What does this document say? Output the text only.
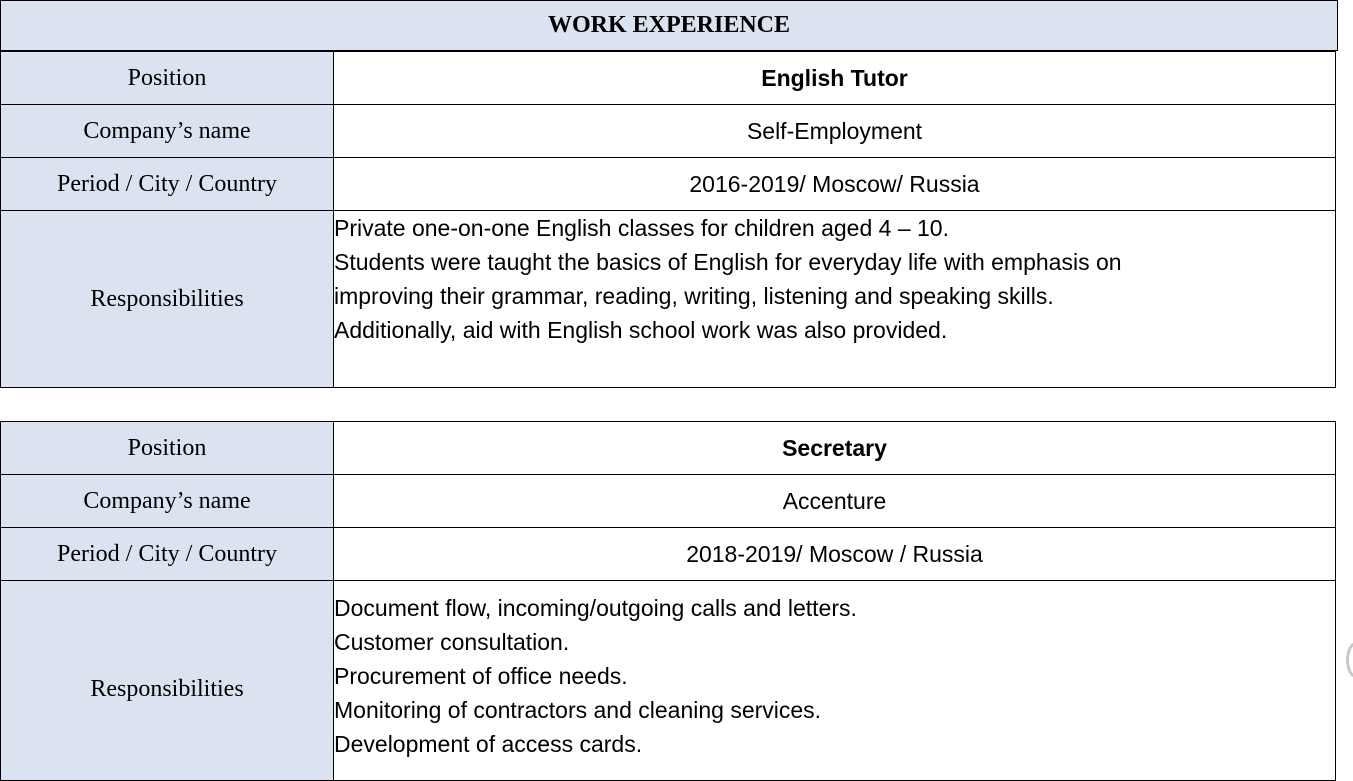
WORK EXPERIENCE
Position	English Tutor
Company’s name	Self-Employment
Period / City / Country	2016-2019/ Moscow/ Russia
Responsibilities	Private one-on-one English classes for children aged 4 – 10.
Students were taught the basics of English for everyday life with emphasis on
improving their grammar, reading, writing, listening and speaking skills.
Additionally, aid with English school work was also provided.
Position	Secretary
Company’s name	Accenture
Period / City / Country	2018-2019/ Moscow / Russia
Responsibilities	Document flow, incoming/outgoing calls and letters.
Customer consultation.
Procurement of office needs.
Monitoring of contractors and cleaning services.
Development of access cards.
